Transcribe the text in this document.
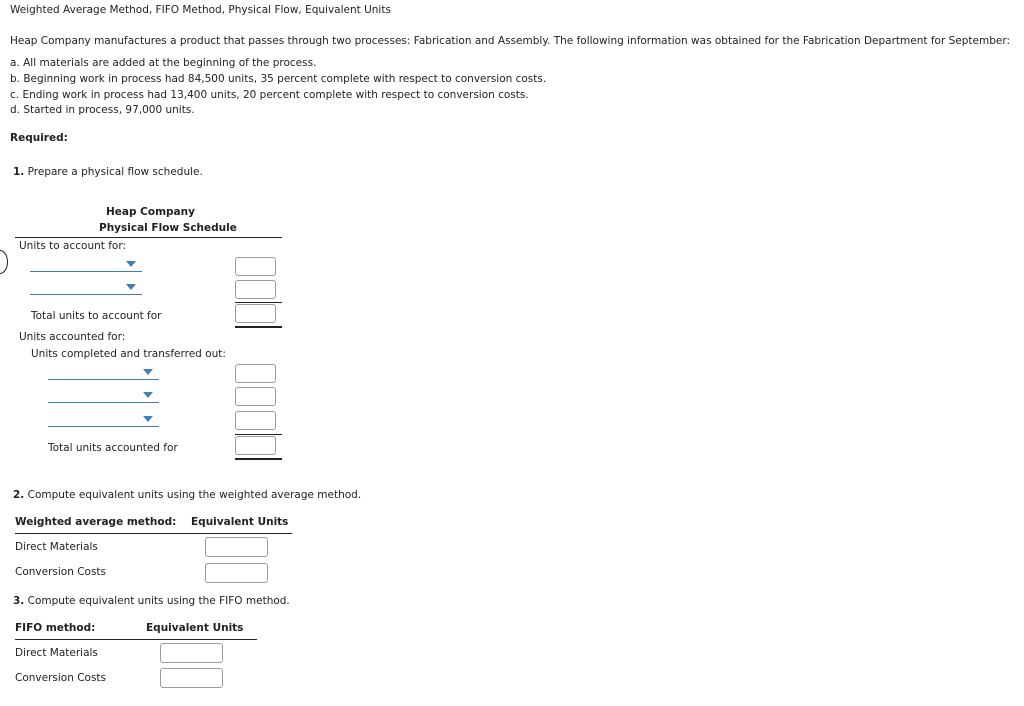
Weighted Average Method, FIFO Method, Physical Flow, Equivalent Units
Heap Company manufactures a product that passes through two processes: Fabrication and Assembly. The following information was obtained for the Fabrication Department for September:
a. All materials are added at the beginning of the process.
b. Beginning work in process had 84,500 units, 35 percent complete with respect to conversion costs.
c. Ending work in process had 13,400 units, 20 percent complete with respect to conversion costs.
d. Started in process, 97,000 units.
Required:
1. Prepare a physical flow schedule.
Heap Company
Physical Flow Schedule
Units to account for:
Total units to account for
Units accounted for:
Units completed and transferred out:
Total units accounted for
2. Compute equivalent units using the weighted average method.
Weighted average method: Equivalent Units
Direct Materials
Conversion Costs
3. Compute equivalent units using the FIFO method.
FIFO method:	Equivalent Units
Direct Materials
Conversion Costs
